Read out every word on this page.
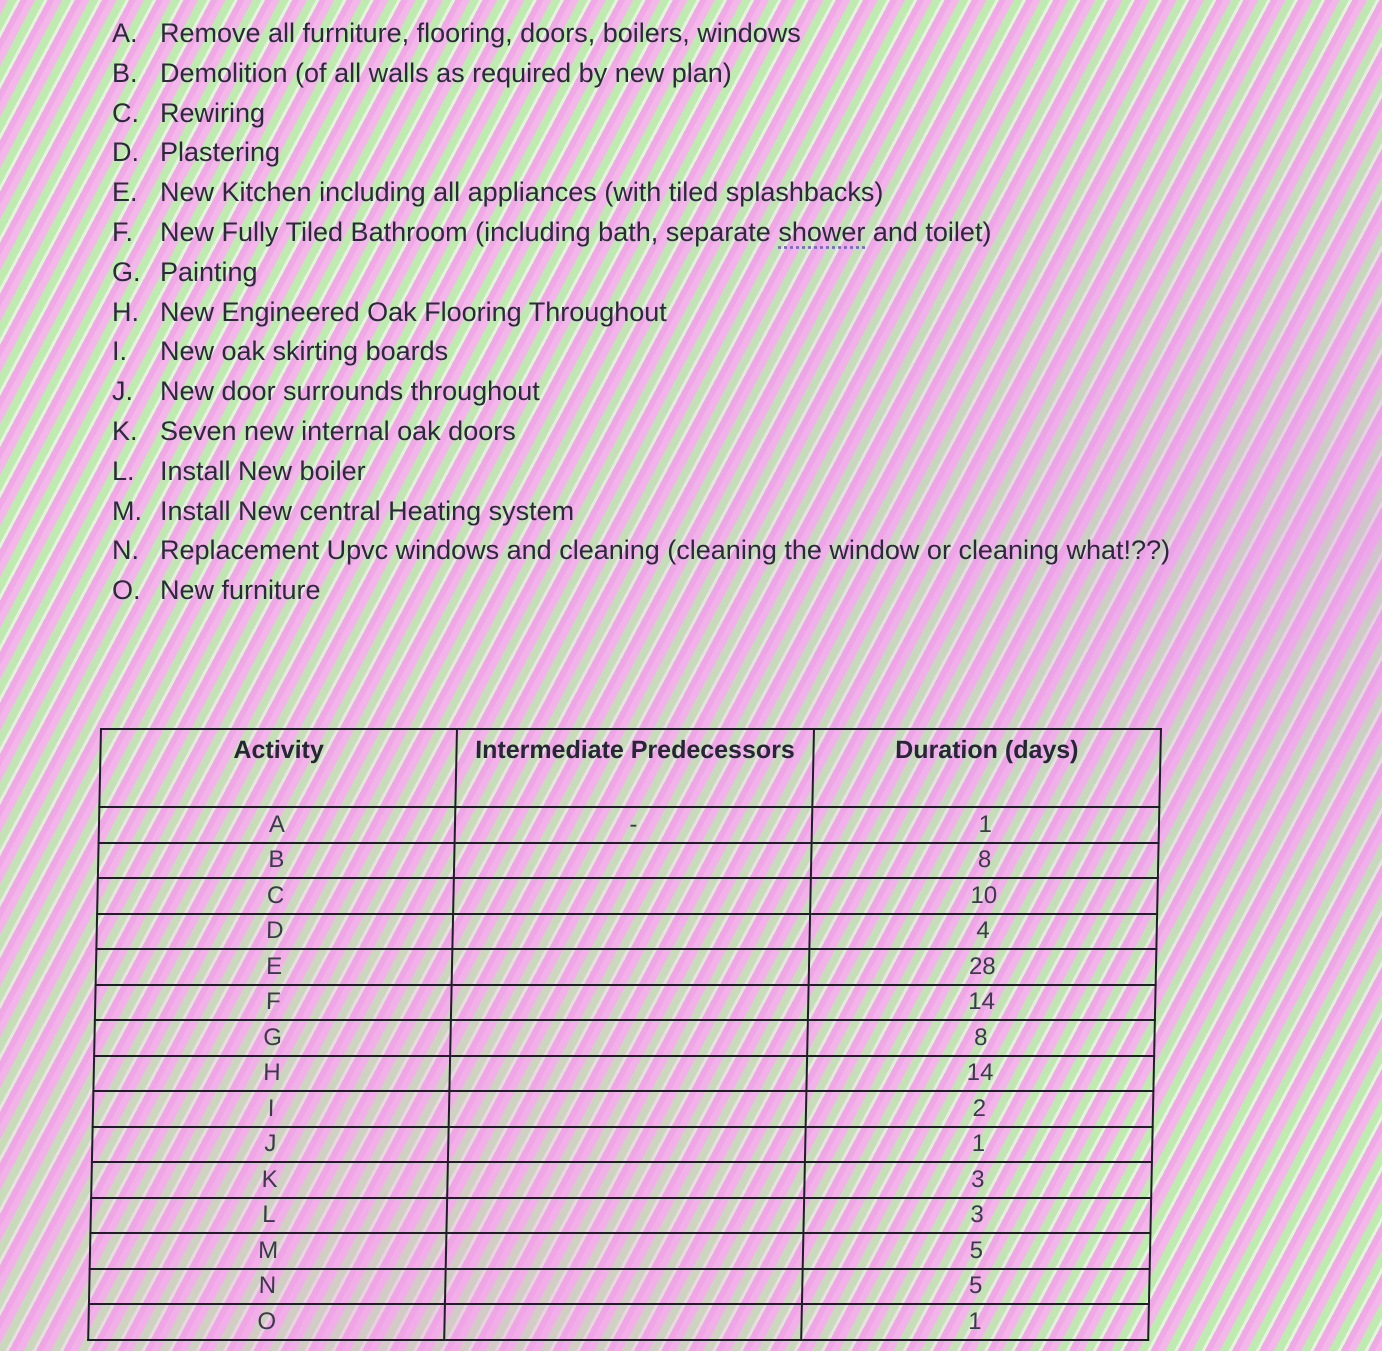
A. Remove all furniture, flooring, doors, boilers, windows
B. Demolition (of all walls as required by new plan)
C. Rewiring
D. Plastering
E. New Kitchen including all appliances (with tiled splashbacks)
F. New Fully Tiled Bathroom (including bath, separate shower and toilet)
G. Painting
H. New Engineered Oak Flooring Throughout
I.	New oak skirting boards
J. New door surrounds throughout
K. Seven new internal oak doors
L. Install New boiler
M. Install New central Heating system
N. Replacement Upvc windows and cleaning (cleaning the window or cleaning what!??)
O. New furniture
Activity	Intermediate Predecessors	Duration (days)
A	-	1
B		8
C		10
D		4
E		28
F		14
G		8
H		14
I		2
J		1
K		3
L		3
M		5
N		5
O		1
